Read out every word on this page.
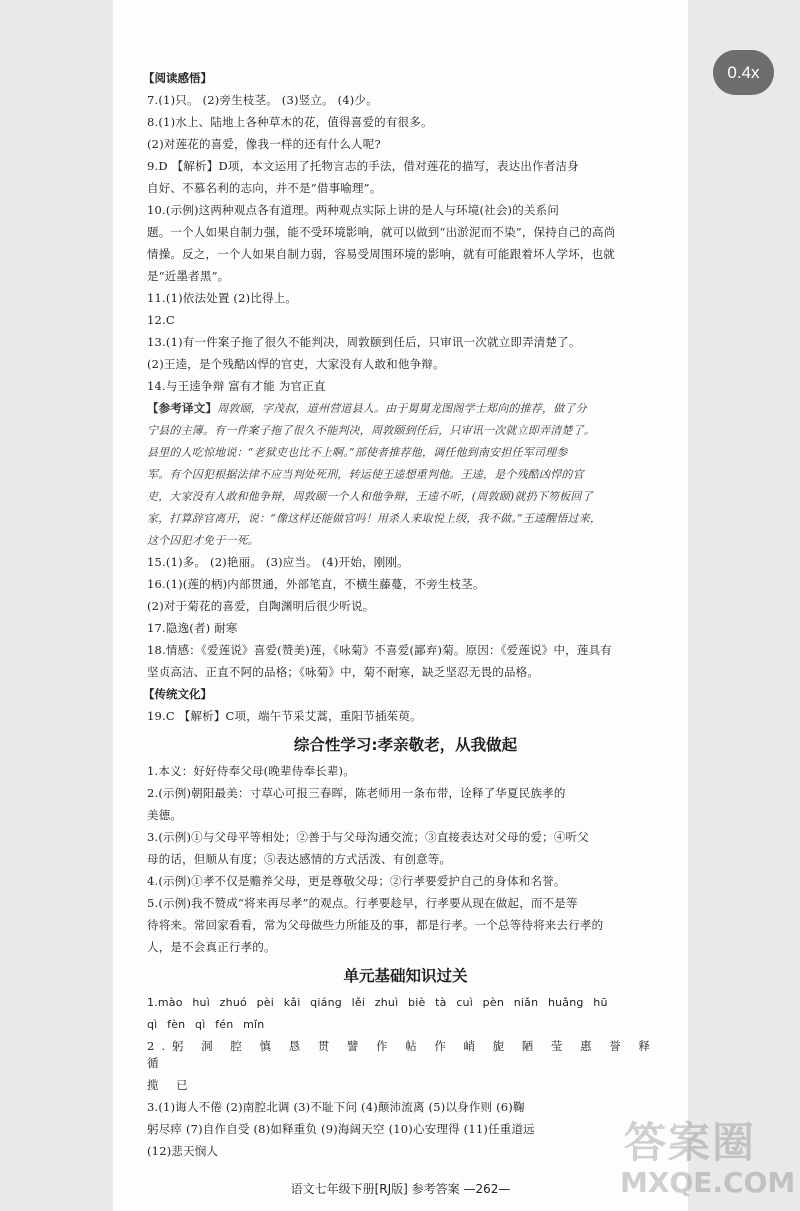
【阅读感悟】
7.(1)只。 (2)旁生枝茎。 (3)竖立。 (4)少。
8.(1)水上、陆地上各种草木的花，值得喜爱的有很多。
(2)对莲花的喜爱，像我一样的还有什么人呢?
9.D 【解析】D项，本文运用了托物言志的手法，借对莲花的描写，表达出作者洁身
自好、不慕名利的志向，并不是“借事喻理”。
10.(示例)这两种观点各有道理。两种观点实际上讲的是人与环境(社会)的关系问
题。一个人如果自制力强，能不受环境影响，就可以做到“出淤泥而不染”，保持自己的高尚
情操。反之，一个人如果自制力弱，容易受周围环境的影响，就有可能跟着坏人学坏，也就
是“近墨者黑”。
11.(1)依法处置 (2)比得上。
12.C
13.(1)有一件案子拖了很久不能判决，周敦颐到任后，只审讯一次就立即弄清楚了。
(2)王逵，是个残酷凶悍的官吏，大家没有人敢和他争辩。
14.与王逵争辩 富有才能 为官正直
【参考译文】周敦颐，字茂叔，道州营道县人。由于舅舅龙图阁学士郑向的推荐，做了分
宁县的主簿。有一件案子拖了很久不能判决，周敦颐到任后，只审讯一次就立即弄清楚了。
县里的人吃惊地说：“老狱吏也比不上啊。”部使者推荐他，调任他到南安担任军司理参
军。有个囚犯根据法律不应当判处死刑，转运使王逵想重判他。王逵，是个残酷凶悍的官
吏，大家没有人敢和他争辩，周敦颐一个人和他争辩，王逵不听，(周敦颐)就扔下笏板回了
家，打算辞官离开，说：“像这样还能做官吗！用杀人来取悦上级，我不做。”王逵醒悟过来，
这个囚犯才免于一死。
15.(1)多。 (2)艳丽。 (3)应当。 (4)开始，刚刚。
16.(1)(莲的柄)内部贯通，外部笔直，不横生藤蔓，不旁生枝茎。
(2)对于菊花的喜爱，自陶渊明后很少听说。
17.隐逸(者) 耐寒
18.情感：《爱莲说》喜爱(赞美)莲，《咏菊》不喜爱(鄙弃)菊。原因：《爱莲说》中，莲具有
坚贞高洁、正直不阿的品格；《咏菊》中，菊不耐寒，缺乏坚忍无畏的品格。
【传统文化】
19.C 【解析】C项，端午节采艾蒿，重阳节插茱萸。
综合性学习:孝亲敬老，从我做起
1.本义：好好侍奉父母(晚辈侍奉长辈)。
2.(示例)朝阳最美：寸草心可报三春晖，陈老师用一条布带，诠释了华夏民族孝的
美德。
3.(示例)①与父母平等相处；②善于与父母沟通交流；③直接表达对父母的爱；④听父
母的话，但顺从有度；⑤表达感情的方式活泼、有创意等。
4.(示例)①孝不仅是赡养父母，更是尊敬父母；②行孝要爱护自己的身体和名誉。
5.(示例)我不赞成“将来再尽孝”的观点。行孝要趁早，行孝要从现在做起，而不是等
待将来。常回家看看，常为父母做些力所能及的事，都是行孝。一个总等待将来去行孝的
人，是不会真正行孝的。
单元基础知识过关
1.mào huì zhuó pèi kǎi qiáng lěi zhuì biè tà cuì pèn niǎn huǎng hū
qì fèn qì fén mǐn
2.躬 洞 腔 慎 恳 贯 譬 作 帖 作 峭 旎 陋 莹 惠 誉 释 循
揽 已
3.(1)诲人不倦 (2)南腔北调 (3)不耻下问 (4)颠沛流离 (5)以身作则 (6)鞠
躬尽瘁 (7)自作自受 (8)如释重负 (9)海阔天空 (10)心安理得 (11)任重道远
(12)悲天悯人
语文七年级下册[RJ版] 参考答案 —262—
0.4x
答案圈
MXQE.COM
